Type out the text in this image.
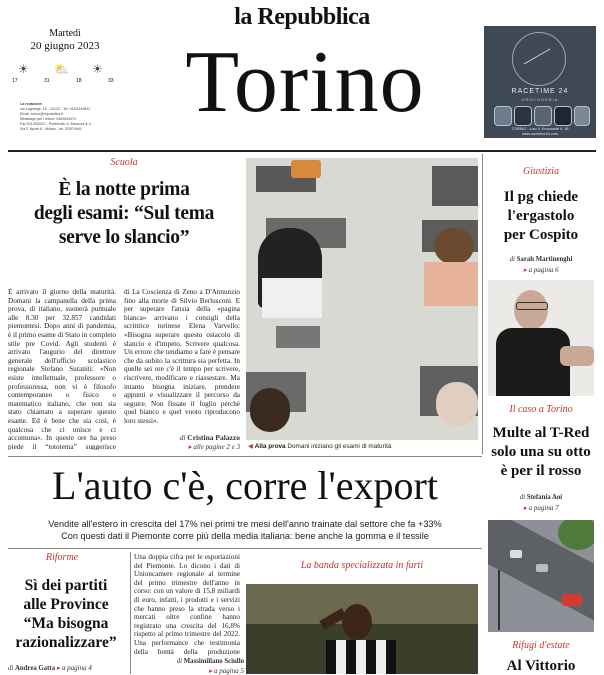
la Repubblica
Martedì
20 giugno 2023
☀ ⛅ ☀
17	31	18	33
La redazione
via Lagrange, 15 - 10123 - Tel. 011/5149811
Email: torino@repubblica.it
Whatsapp per i lettori: 3463944373
Fax 011/533227 - Pubblicità: A. Manzoni & C.
Via F. Aporti 8 - Milano - tel. 02/574941	Torino	RACETIME 24
OROLOGERIA
TORINO - c.so V. Emanuele II, 38
www.racetime24.com
Scuola
È la notte prima
degli esami: “Sul tema
serve lo slancio”
È arrivato il giorno della maturità. Domani la campanella della prima prova, di italiano, suonerà puntuale alle 8.30 per 32.857 candidati piemontesi. Dopo anni di pandemia, è il primo esame di Stato in completo stile pre Covid. Agli studenti è arrivato l'augurio del direttore generale dell'ufficio scolastico regionale Stefano Suraniti: «Non esiste intellettuale, professore o professoressa, non vi è filosofo contemporaneo o fisico o matematico italiano, che non sia stato chiamato a superare questo esame. Ed è bene che sia così, è qualcosa che ci unisce e ci accomuna». In queste ore ha preso piede il “tototema” suggerisce
di La Coscienza di Zeno a D'Annunzio fino alla morte di Silvio Berlusconi. E per superare l'ansia della «pagina bianca» arrivano i consigli della scrittrice torinese Elena Varvello: «Bisogna superare questo ostacolo di slancio e d'impeto. Scrivere qualcosa. Un errore che tendiamo a fare è pensare che da subito la scrittura sia perfetta. In quelle sei ore c'è il tempo per scrivere, riscrivere, modificare e riassestare. Ma intanto bisogna iniziare, prendere appunti e visualizzare il percorso da seguire. Non fissate il foglio perché quel bianco e quel vuoto riproducono loro stessi».
di Cristina Palazzo
▸ alle pagine 2 e 3 ◀ Alla prova Domani iniziano gli esami di maturità
Giustizia
Il pg chiede
l'ergastolo
per Cospito
di Sarah Martinenghi
▸ a pagina 6
Il caso a Torino
Multe al T-Red
solo una su otto
è per il rosso
di Stefania Aoi
▸ a pagina 7
Rifugi d'estate
Al Vittorio
L'auto c'è, corre l'export
Vendite all'estero in crescita del 17% nei primi tre mesi dell'anno trainate dal settore che fa +33%
Con questi dati il Piemonte corre più della media italiana: bene anche la gomma e il tessile
Riforme
Sì dei partiti
alle Province
“Ma bisogna
razionalizzare”
di Andrea Gatta ▸ a pagina 4
Una doppia cifra per le esportazioni del Piemonte. Lo dicono i dati di Unioncamere regionale al termine del primo trimestre dell'anno in corso: con un valore di 15,8 miliardi di euro, infatti, i prodotti e i servizi che hanno preso la strada verso i mercati oltre confine hanno registrato una crescita del 16,8% rispetto al primo trimestre del 2022. Una performance che testimonia della bontà della produzione
di Massimiliano Sciullo
▸ a pagina 5
La banda specializzata in furti
